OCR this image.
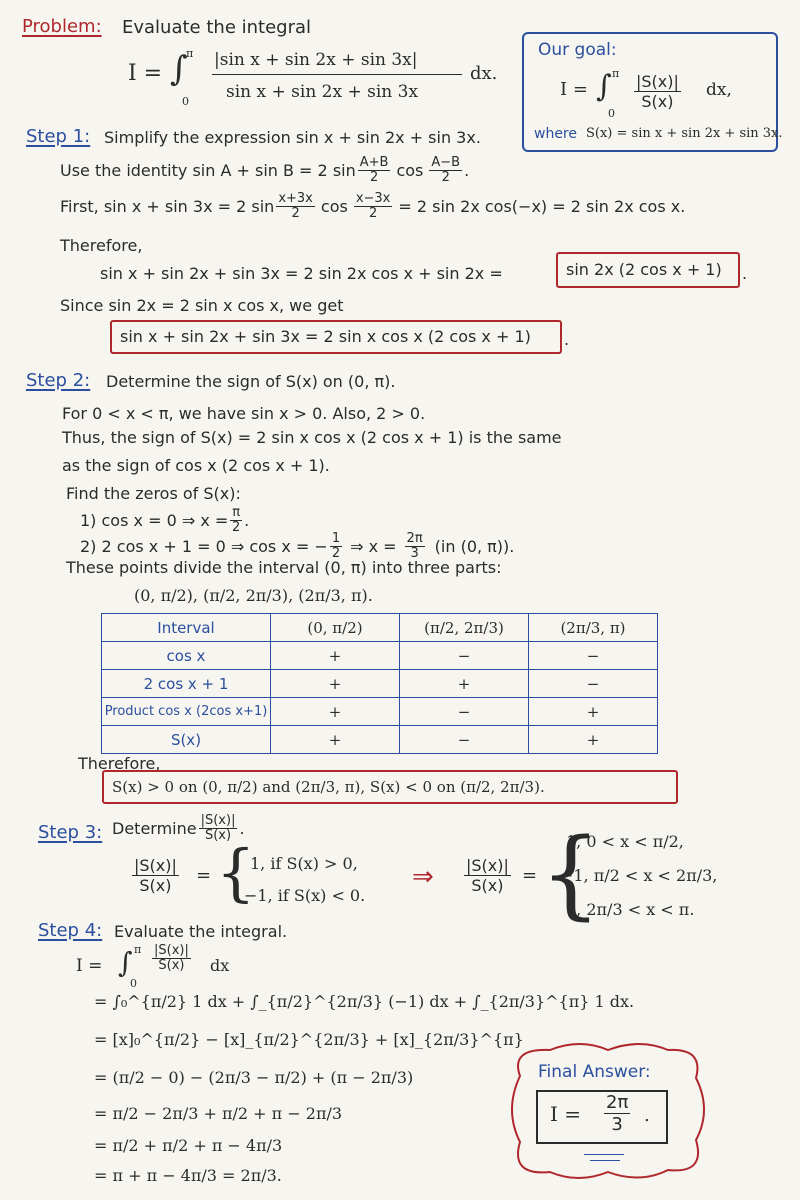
Problem: Evaluate the integral
I = ∫
π
0
|sin x + sin 2x + sin 3x|
sin x + sin 2x + sin 3x
dx.
Our goal:
I = ∫ π
0
$\frac{|S(x)|}{S(x)}$ dx,
where S(x) = sin x + sin 2x + sin 3x.
Step 1: Simplify the expression sin x + sin 2x + sin 3x.
Use the identity sin A + sin B = 2 $\sin \frac{A+B}{2}$ $\cos \frac{A-B}{2}$ .
First, sin x + sin 3x = 2 $\sin \frac{x+3x}{2}$ $\cos \frac{x-3x}{2} = 2$ sin 2x cos(−x) = 2 sin 2x cos x.
Therefore,
sin x + sin 2x + sin 3x = 2 sin 2x cos x + sin 2x =	sin 2x (2 cos x + 1) .
Since sin 2x = 2 sin x cos x, we get
sin x + sin 2x + sin 3x = 2 sin x cos x (2 cos x + 1) .
Step 2: Determine the sign of S(x) on (0, π).
For 0 < x < π, we have sin x > 0. Also, 2 > 0.
Thus, the sign of S(x) = 2 sin x cos x (2 cos x + 1) is the same
as the sign of cos x (2 cos x + 1).
Find the zeros of S(x):
1) cos x = 0 ⇒ $x = \frac{\pi}{2}$ .
2) 2 cos x + 1 = 0 ⇒ cos x = − $\frac{1}{2}$ ⇒ $x = \frac{2\pi}{3} (in$ (0, π)).
These points divide the interval (0, π) into three parts:
(0, π/2), (π/2, 2π/3), (2π/3, π).
Interval	(0, π/2)	(π/2, 2π/3)	(2π/3, π)
cos x	+	−	−
2 cos x + 1	+	+	−
Product cos x (2cos x+1)	+	−	+
S(x)	+	−	+
Therefore,
S(x) > 0 on (0, π/2) and (2π/3, π), S(x) < 0 on (π/2, 2π/3).
Step 3: Determine $\frac{|S(x)|}{S(x)}$ .
$\frac{|S(x)|}{S(x)}$ = {
1, if S(x) > 0,
−1, if S(x) < 0.
⇒ $\frac{|S(x)|}{S(x)}$ = {
1, 0 < x < π/2,
−1, π/2 < x < 2π/3,
1, 2π/3 < x < π.
Step 4: Evaluate the integral.
I = ∫ π
0
$\frac{|S(x)|}{S(x)}$ dx
= ∫₀^{π/2} 1 dx + ∫_{π/2}^{2π/3} (−1) dx + ∫_{2π/3}^{π} 1 dx.
= [x]₀^{π/2} − [x]_{π/2}^{2π/3} + [x]_{2π/3}^{π}
= (π/2 − 0) − (2π/3 − π/2) + (π − 2π/3)
= π/2 − 2π/3 + π/2 + π − 2π/3
= π/2 + π/2 + π − 4π/3
= π + π − 4π/3 = 2π/3.
Final Answer:
$I = \frac{2\pi}{3}$ .
